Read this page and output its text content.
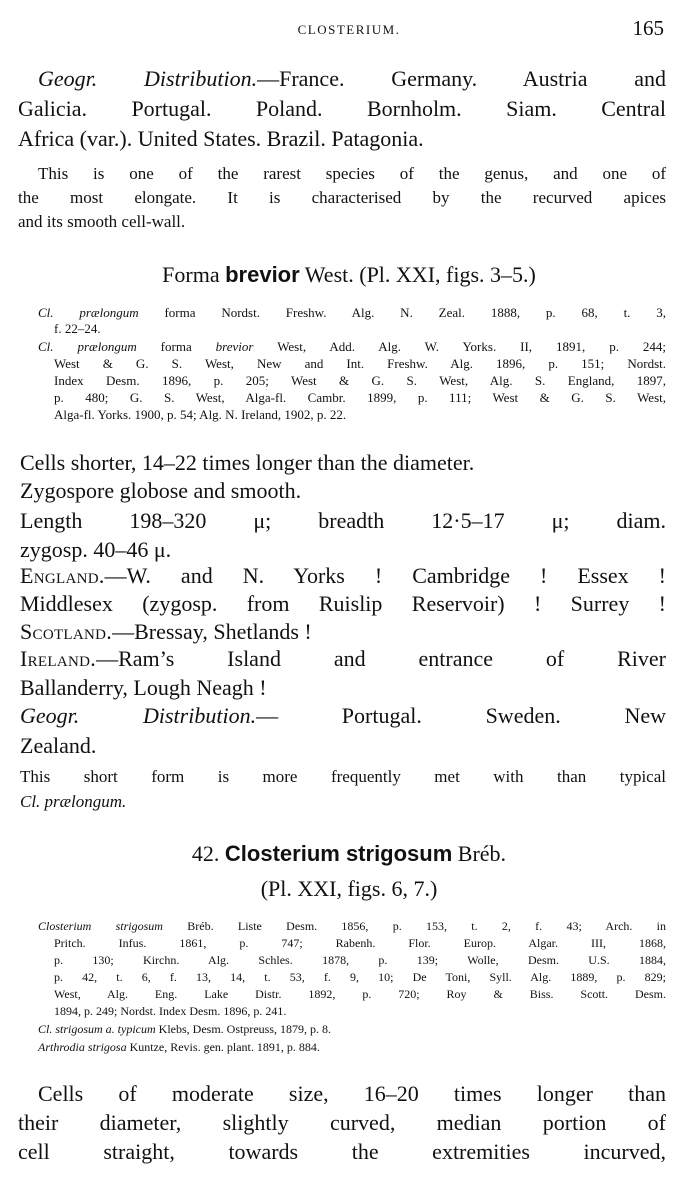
CLOSTERIUM.	165
Geogr. Distribution.—France. Germany. Austria and
Galicia. Portugal. Poland. Bornholm. Siam. Central
Africa (var.). United States. Brazil. Patagonia.
This is one of the rarest species of the genus, and one of
the most elongate. It is characterised by the recurved apices
and its smooth cell-wall.
Forma brevior West. (Pl. XXI, figs. 3–5.)
Cl. prælongum forma Nordst. Freshw. Alg. N. Zeal. 1888, p. 68, t. 3,
f. 22–24.
Cl. prælongum forma brevior West, Add. Alg. W. Yorks. II, 1891, p. 244;
West & G. S. West, New and Int. Freshw. Alg. 1896, p. 151; Nordst.
Index Desm. 1896, p. 205; West & G. S. West, Alg. S. England, 1897,
p. 480; G. S. West, Alga-fl. Cambr. 1899, p. 111; West & G. S. West,
Alga-fl. Yorks. 1900, p. 54; Alg. N. Ireland, 1902, p. 22.
Cells shorter, 14–22 times longer than the diameter.
Zygospore globose and smooth.
Length 198–320 μ; breadth 12·5–17 μ; diam.
zygosp. 40–46 μ.
England.—W. and N. Yorks ! Cambridge ! Essex !
Middlesex (zygosp. from Ruislip Reservoir) ! Surrey !
Scotland.—Bressay, Shetlands !
Ireland.—Ram’s Island and entrance of River
Ballanderry, Lough Neagh !
Geogr. Distribution.— Portugal. Sweden. New
Zealand.
This short form is more frequently met with than typical
Cl. prælongum.
42. Closterium strigosum Bréb.
(Pl. XXI, figs. 6, 7.)
Closterium strigosum Bréb. Liste Desm. 1856, p. 153, t. 2, f. 43; Arch. in
Pritch. Infus. 1861, p. 747; Rabenh. Flor. Europ. Algar. III, 1868,
p. 130; Kirchn. Alg. Schles. 1878, p. 139; Wolle, Desm. U.S. 1884,
p. 42, t. 6, f. 13, 14, t. 53, f. 9, 10; De Toni, Syll. Alg. 1889, p. 829;
West, Alg. Eng. Lake Distr. 1892, p. 720; Roy & Biss. Scott. Desm.
1894, p. 249; Nordst. Index Desm. 1896, p. 241.
Cl. strigosum a. typicum Klebs, Desm. Ostpreuss, 1879, p. 8.
Arthrodia strigosa Kuntze, Revis. gen. plant. 1891, p. 884.
Cells of moderate size, 16–20 times longer than
their diameter, slightly curved, median portion of
cell straight, towards the extremities incurved,
